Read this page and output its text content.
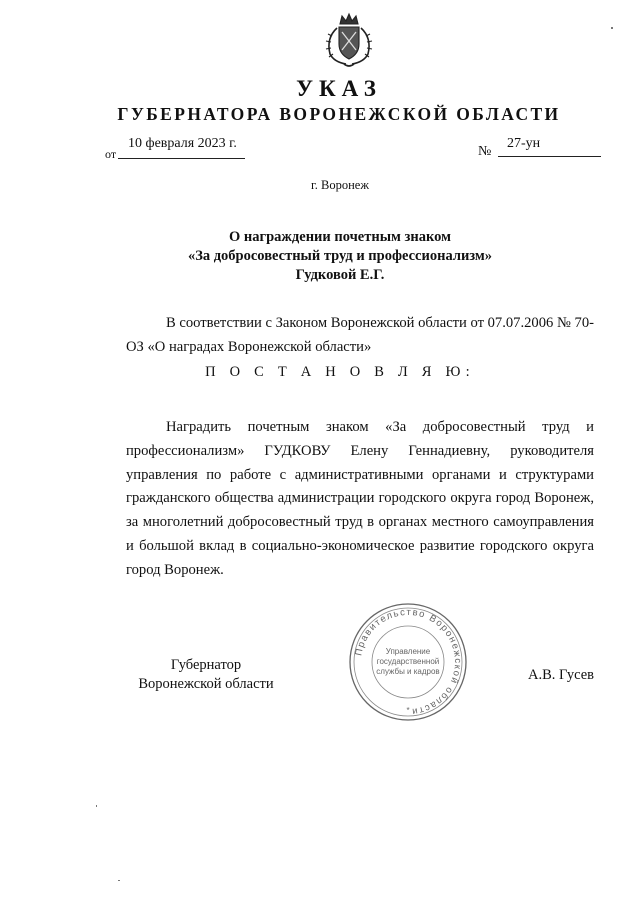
УКАЗ
ГУБЕРНАТОРА ВОРОНЕЖСКОЙ ОБЛАСТИ
от
10 февраля 2023 г.
№
27-ун
г. Воронеж
О награждении почетным знаком
«За добросовестный труд и профессионализм»
Гудковой Е.Г.
В соответствии с Законом Воронежской области от 07.07.2006 № 70-ОЗ «О наградах Воронежской области»
П О С Т А Н О В Л Я Ю:
Наградить почетным знаком «За добросовестный труд и профессионализм» ГУДКОВУ Елену Геннадиевну, руководителя управления по работе с административными органами и структурами гражданского общества администрации городского округа город Воронеж, за многолетний добросовестный труд в органах местного самоуправления и большой вклад в социально-экономическое развитие городского округа город Воронеж.
Правительство Воронежской области
Управление
государственной
службы и кадров
*
Губернатор
Воронежской области
А.В. Гусев
